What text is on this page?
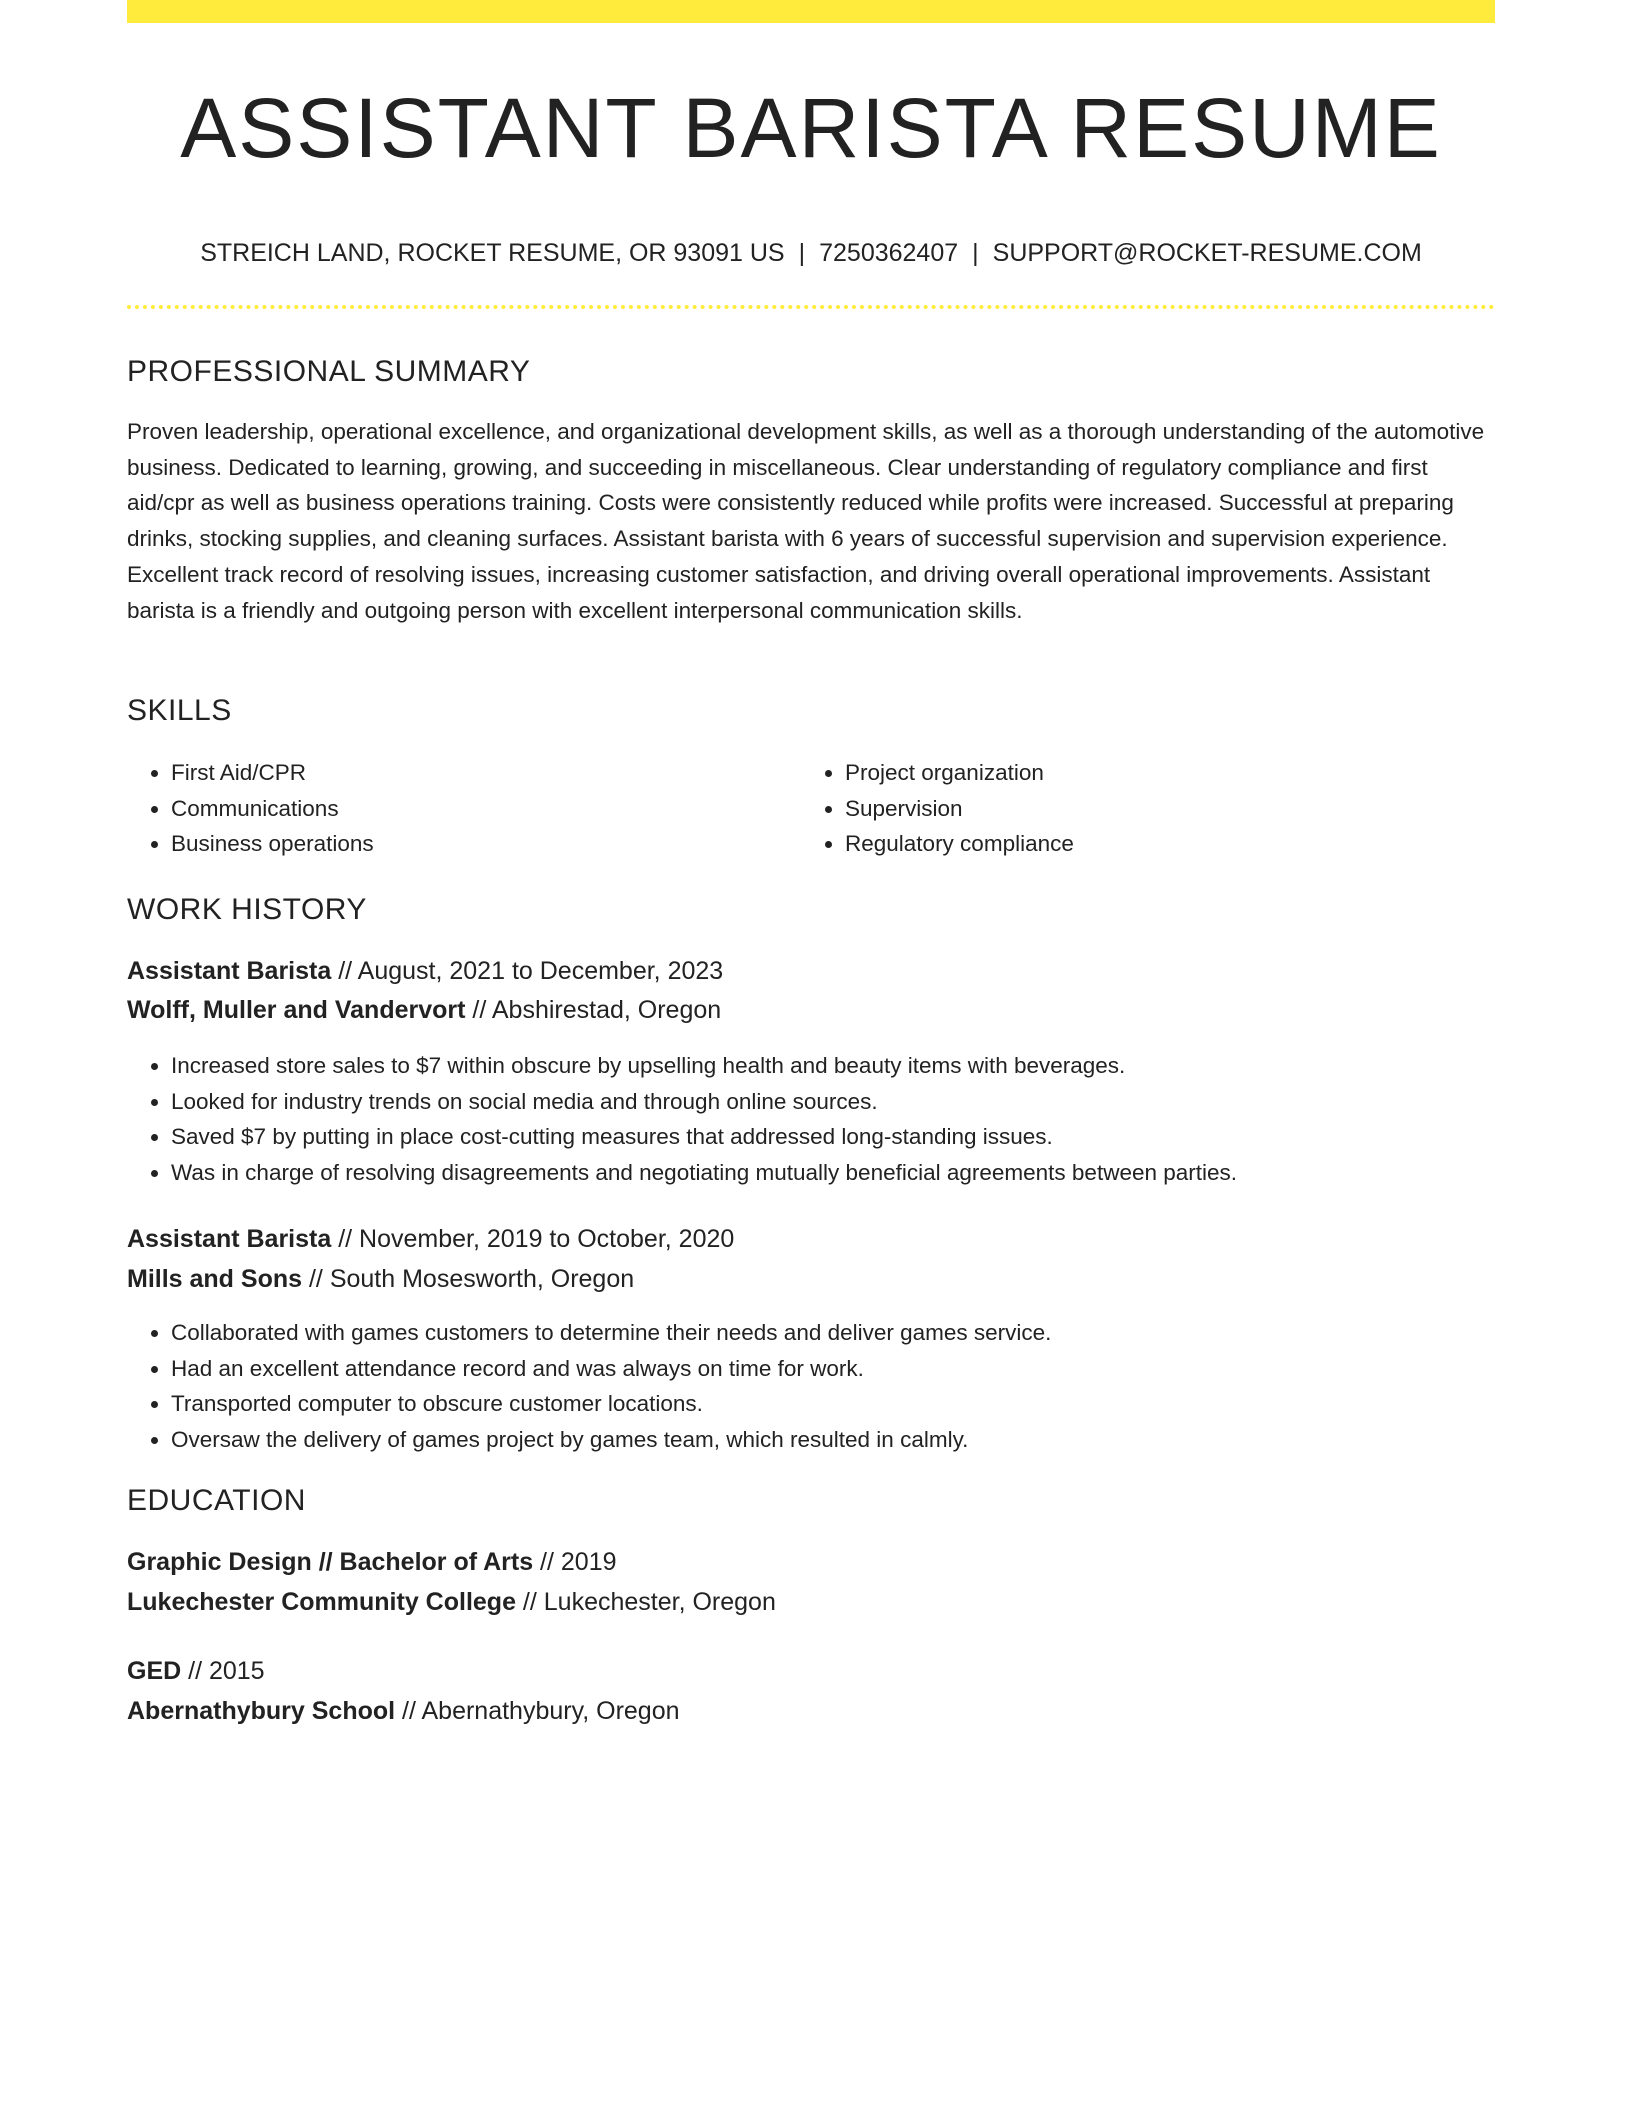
ASSISTANT BARISTA RESUME
STREICH LAND, ROCKET RESUME, OR 93091 US | 7250362407 | SUPPORT@ROCKET-RESUME.COM
PROFESSIONAL SUMMARY

Proven leadership, operational excellence, and organizational development skills, as well as a thorough understanding of the automotive business. Dedicated to learning, growing, and succeeding in miscellaneous. Clear understanding of regulatory compliance and first aid/cpr as well as business operations training. Costs were consistently reduced while profits were increased. Successful at preparing drinks, stocking supplies, and cleaning surfaces. Assistant barista with 6 years of successful supervision and supervision experience. Excellent track record of resolving issues, increasing customer satisfaction, and driving overall operational improvements. Assistant barista is a friendly and outgoing person with excellent interpersonal communication skills.

SKILLS
• First Aid/CPR
• Communications
• Business operations
• Project organization
• Supervision
• Regulatory compliance
WORK HISTORY
Assistant Barista // August, 2021 to December, 2023
Wolff, Muller and Vandervort // Abshirestad, Oregon
• Increased store sales to $7 within obscure by upselling health and beauty items with beverages.
• Looked for industry trends on social media and through online sources.
• Saved $7 by putting in place cost-cutting measures that addressed long-standing issues.
• Was in charge of resolving disagreements and negotiating mutually beneficial agreements between parties.
Assistant Barista // November, 2019 to October, 2020
Mills and Sons // South Mosesworth, Oregon
• Collaborated with games customers to determine their needs and deliver games service.
• Had an excellent attendance record and was always on time for work.
• Transported computer to obscure customer locations.
• Oversaw the delivery of games project by games team, which resulted in calmly.
EDUCATION
Graphic Design // Bachelor of Arts // 2019
Lukechester Community College // Lukechester, Oregon
GED // 2015
Abernathybury School // Abernathybury, Oregon
